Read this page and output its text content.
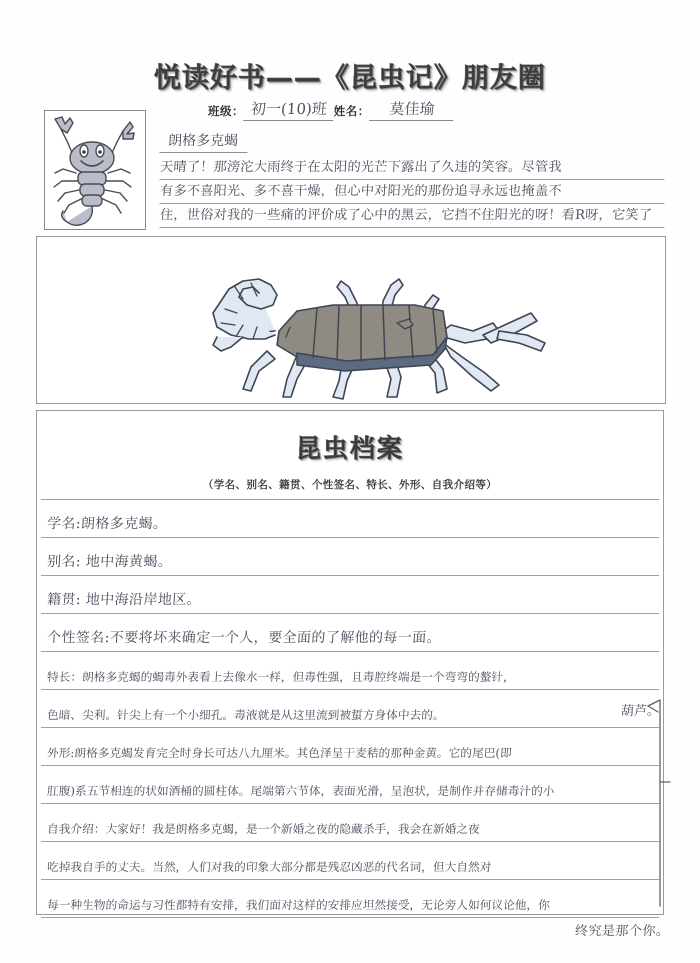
悦读好书——《昆虫记》朋友圈
班级： 初一(10)班 姓名：	莫佳瑜
朗格多克蝎
天晴了！那滂沱大雨终于在太阳的光芒下露出了久违的笑容。尽管我
有多不喜阳光、多不喜干燥，但心中对阳光的那份追寻永远也掩盖不
住，世俗对我的一些痛的评价成了心中的黑云，它挡不住阳光的呀！看R呀，它笑了
昆虫档案
（学名、别名、籍贯、个性签名、特长、外形、自我介绍等）
学名:朗格多克蝎。
别名: 地中海黄蝎。
籍贯: 地中海沿岸地区。
个性签名:不要将坏来确定一个人，要全面的了解他的每一面。
特长：朗格多克蝎的蝎毒外表看上去像水一样，但毒性强，且毒腔终端是一个弯弯的螯针，
色暗、尖利。针尖上有一个小细孔。毒液就是从这里流到被蜇方身体中去的。
外形:朗格多克蝎发育完全时身长可达八九厘米。其色泽呈干麦秸的那种金黄。它的尾巴(即
肛腹)系五节相连的状如酒桶的圆柱体。尾端第六节体，表面光滑，呈泡状，是制作并存储毒汁的小
自我介绍：大家好！我是朗格多克蝎，是一个新婚之夜的隐藏杀手，我会在新婚之夜
吃掉我自手的丈夫。当然，人们对我的印象大部分都是残忍凶恶的代名词，但大自然对
每一种生物的命运与习性都特有安排，我们面对这样的安排应坦然接受，无论旁人如何议论他，你
葫芦。
终究是那个你。
